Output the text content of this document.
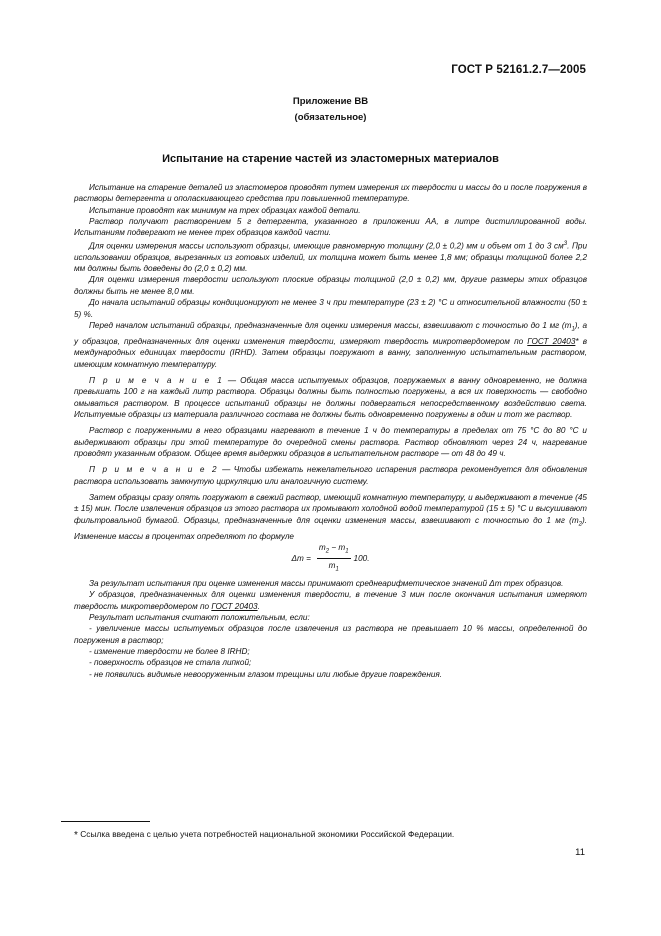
ГОСТ Р 52161.2.7—2005
Приложение ВВ
(обязательное)
Испытание на старение частей из эластомерных материалов

Испытание на старение деталей из эластомеров проводят путем измерения их твердости и массы до и после погружения в растворы детергента и ополаскивающего средства при повышенной температуре.

Испытание проводят как минимум на трех образцах каждой детали.

Раствор получают растворением 5 г детергента, указанного в приложении АА, в литре дистиллированной воды. Испытаниям подвергают не менее трех образцов каждой части.

Для оценки измерения массы используют образцы, имеющие равномерную толщину (2,0 ± 0,2) мм и объем от 1 до 3 $см^3$. При использовании образцов, вырезанных из готовых изделий, их толщина может быть менее 1,8 мм; образцы толщиной более 2,2 мм должны быть доведены до (2,0 ± 0,2) мм.

Для оценки измерения твердости используют плоские образцы толщиной (2,0 ± 0,2) мм, другие размеры этих образцов должны быть не менее 8,0 мм.

До начала испытаний образцы кондиционируют не менее 3 ч при температуре (23 ± 2) °С и относительной влажности (50 ± 5) %.

Перед началом испытаний образцы, предназначенные для оценки измерения массы, взвешивают с точностью до 1 мг $(m_1)$, а у образцов, предназначенных для оценки изменения твердости, измеряют твердость микротвердомером по ГОСТ 20403* в международных единицах твердости (IRHD). Затем образцы погружают в ванну, заполненную испытательным раствором, имеющим комнатную температуру.

П р и м е ч а н и е 1 — Общая масса испытуемых образцов, погружаемых в ванну одновременно, не должна превышать 100 г на каждый литр раствора. Образцы должны быть полностью погружены, а вся их поверхность — свободно омываться раствором. В процессе испытаний образцы не должны подвергаться непосредственному воздействию света. Испытуемые образцы из материала различного состава не должны быть одновременно погружены в один и тот же раствор.

Раствор с погруженными в него образцами нагревают в течение 1 ч до температуры в пределах от 75 °С до 80 °С и выдерживают образцы при этой температуре до очередной смены раствора. Раствор обновляют через 24 ч, нагревание проводят указанным образом. Общее время выдержки образцов в испытательном растворе — от 48 до 49 ч.

П р и м е ч а н и е 2 — Чтобы избежать нежелательного испарения раствора рекомендуется для обновления раствора использовать замкнутую циркуляцию или аналогичную систему.

Затем образцы сразу опять погружают в свежий раствор, имеющий комнатную температуру, и выдерживают в течение (45 ± 15) мин. После извлечения образцов из этого раствора их промывают холодной водой температурой (15 ± 5) °С и высушивают фильтровальной бумагой. Образцы, предназначенные для оценки изменения массы, взвешивают с точностью до 1 мг $(m_2)$. Изменение массы в процентах определяют по формуле

$\Delta m = \frac{m_2 - m_1}{m_1} 100$.

За результат испытания при оценке изменения массы принимают среднеарифметическое значений Δm трех образцов.

У образцов, предназначенных для оценки изменения твердости, в течение 3 мин после окончания испытания измеряют твердость микротвердомером по ГОСТ 20403.

Результат испытания считают положительным, если:

- увеличение массы испытуемых образцов после извлечения из раствора не превышает 10 % массы, определенной до погружения в раствор;

- изменение твердости не более 8 IRHD;

- поверхность образцов не стала липкой;

- не появились видимые невооруженным глазом трещины или любые другие повреждения.

* Ссылка введена с целью учета потребностей национальной экономики Российской Федерации.
11
